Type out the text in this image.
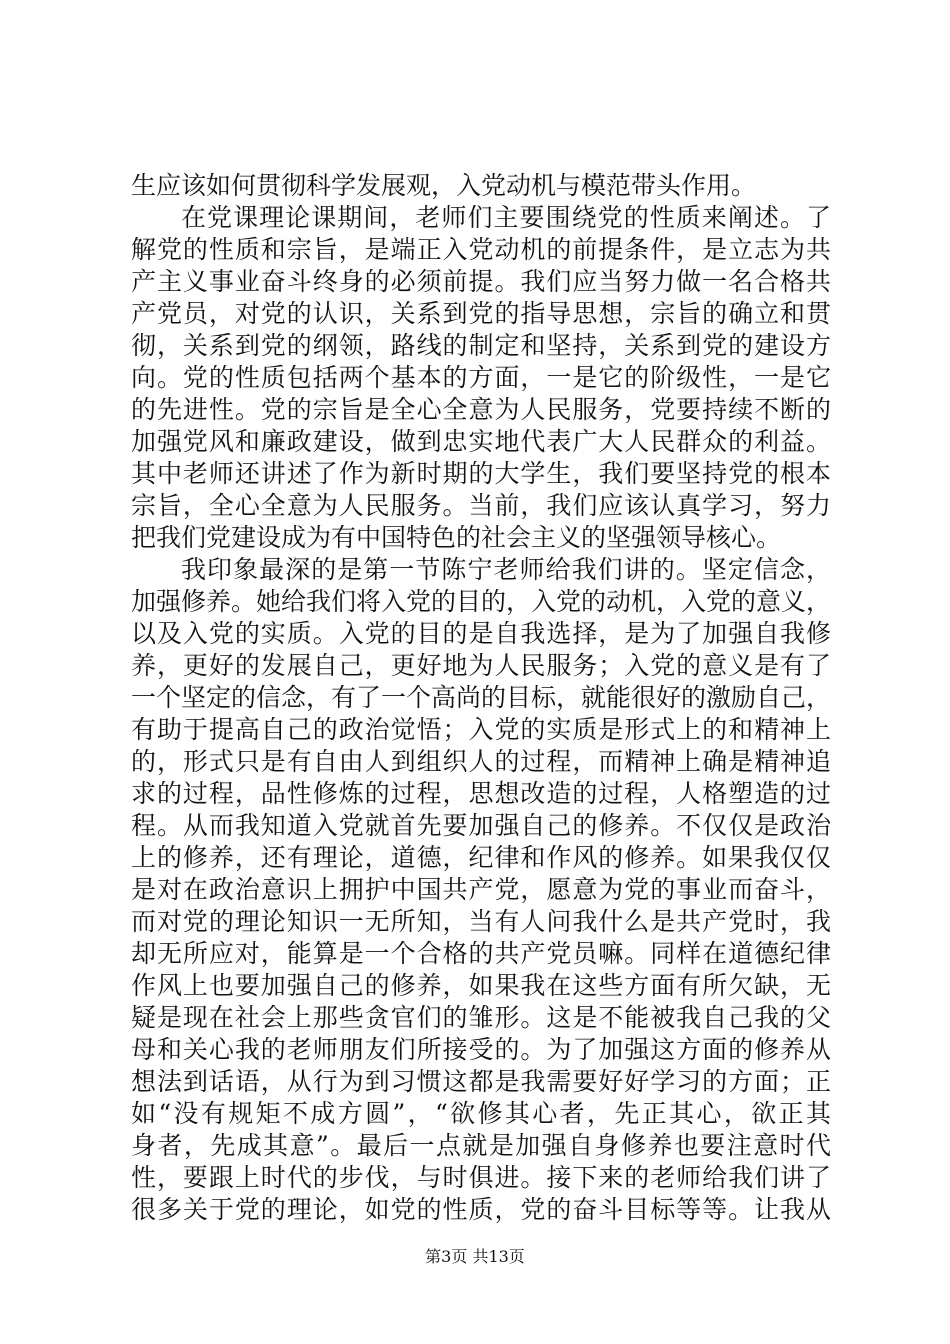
生应该如何贯彻科学发展观，入党动机与模范带头作用。
在党课理论课期间，老师们主要围绕党的性质来阐述。了
解党的性质和宗旨，是端正入党动机的前提条件，是立志为共
产主义事业奋斗终身的必须前提。我们应当努力做一名合格共
产党员，对党的认识，关系到党的指导思想，宗旨的确立和贯
彻，关系到党的纲领，路线的制定和坚持，关系到党的建设方
向。党的性质包括两个基本的方面，一是它的阶级性，一是它
的先进性。党的宗旨是全心全意为人民服务，党要持续不断的
加强党风和廉政建设，做到忠实地代表广大人民群众的利益。
其中老师还讲述了作为新时期的大学生，我们要坚持党的根本
宗旨，全心全意为人民服务。当前，我们应该认真学习，努力
把我们党建设成为有中国特色的社会主义的坚强领导核心。
我印象最深的是第一节陈宁老师给我们讲的。坚定信念，
加强修养。她给我们将入党的目的，入党的动机，入党的意义，
以及入党的实质。入党的目的是自我选择，是为了加强自我修
养，更好的发展自己，更好地为人民服务；入党的意义是有了
一个坚定的信念，有了一个高尚的目标，就能很好的激励自己，
有助于提高自己的政治觉悟；入党的实质是形式上的和精神上
的，形式只是有自由人到组织人的过程，而精神上确是精神追
求的过程，品性修炼的过程，思想改造的过程，人格塑造的过
程。从而我知道入党就首先要加强自己的修养。不仅仅是政治
上的修养，还有理论，道德，纪律和作风的修养。如果我仅仅
是对在政治意识上拥护中国共产党，愿意为党的事业而奋斗，
而对党的理论知识一无所知，当有人问我什么是共产党时，我
却无所应对，能算是一个合格的共产党员嘛。同样在道德纪律
作风上也要加强自己的修养，如果我在这些方面有所欠缺，无
疑是现在社会上那些贪官们的雏形。这是不能被我自己我的父
母和关心我的老师朋友们所接受的。为了加强这方面的修养从
想法到话语，从行为到习惯这都是我需要好好学习的方面；正
如“没有规矩不成方圆”，“欲修其心者，先正其心，欲正其
身者，先成其意”。最后一点就是加强自身修养也要注意时代
性，要跟上时代的步伐，与时俱进。接下来的老师给我们讲了
很多关于党的理论，如党的性质，党的奋斗目标等等。让我从
第3页 共13页
